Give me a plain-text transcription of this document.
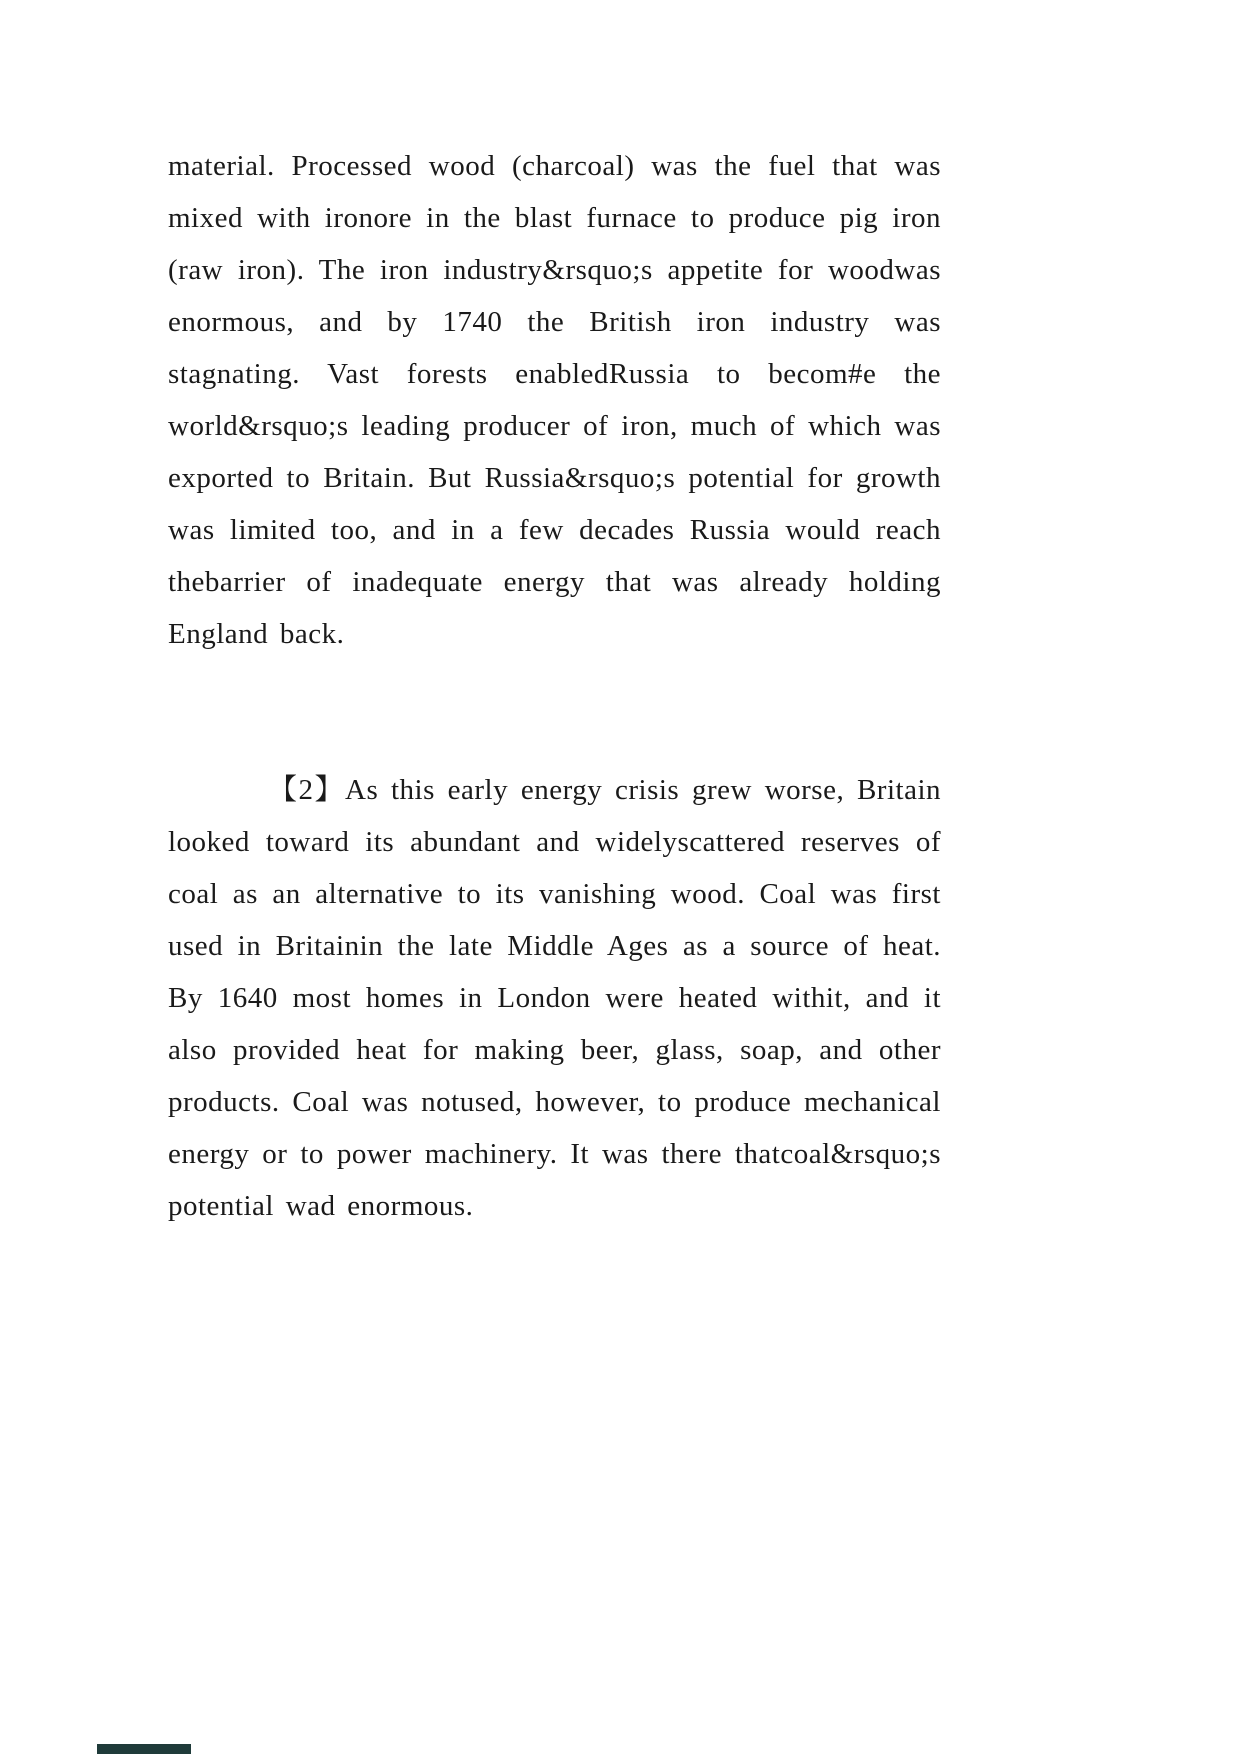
material. Processed wood (charcoal) was the fuel that was mixed with ironore in the blast furnace to produce pig iron (raw iron). The iron industry&rsquo;s appetite for woodwas enormous, and by 1740 the British iron industry was stagnating. Vast forests enabledRussia to becom#e the world&rsquo;s leading producer of iron, much of which was exported to Britain. But Russia&rsquo;s potential for growth was limited too, and in a few decades Russia would reach thebarrier of inadequate energy that was already holding England back.

【2】As this early energy crisis grew worse, Britain looked toward its abundant and widelyscattered reserves of coal as an alternative to its vanishing wood. Coal was first used in Britainin the late Middle Ages as a source of heat. By 1640 most homes in London were heated withit, and it also provided heat for making beer, glass, soap, and other products. Coal was notused, however, to produce mechanical energy or to power machinery. It was there thatcoal&rsquo;s potential wad enormous.
